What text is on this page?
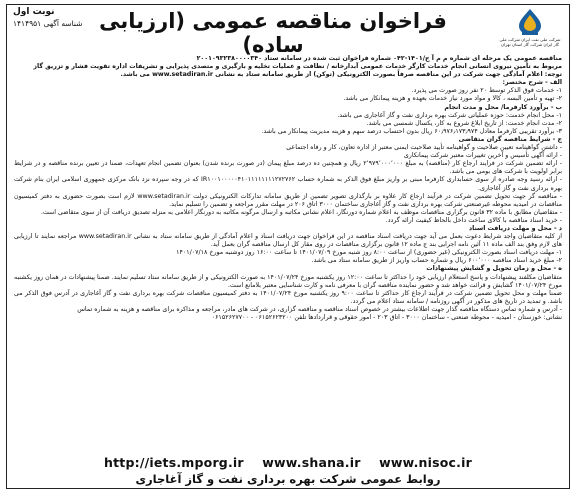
نوبت اول
شناسه آگهی ۱۴۱۴۹۵۱ فراخوان مناقصه عمومی (ارزیابی ساده)	شرکت ملی نفت ایران شرکت ملی گاز ایران شرکت گاز استان تهران

مناقصه عمومی یک مرحله ای شماره م م آ ج/۱۴۰۱-۰۴۲ شماره فراخوان ثبت شده در سامانه ستاد ۲۰۰۱۰۹۳۲۳۸۰۰۰۰۳۴۰

مربوط به تأمین نیروی انسانی انجام خدمات کارگر خدمات عمومی آبدارخانه / نظافت و عملیات تخلیه و بارگیری و متصدی پذیرایی و تشریفات اداره تقویت فشار و تزریق گاز

توجه: اعلام آمادگی جهت شرکت در این مناقصه صرفاً بصورت الکترونیکی (توکن) از طریق سامانه ستاد به نشانی www.setadiran.ir می باشد.

الف - شرح مختصر:

۱- خدمات فوق الذکر توسط ۲۰ نفر روز صورت می پذیرد.

۲- تهیه و تأمین البسه ، کالا و مواد مورد نیاز خدمات بعهده و هزینه پیمانکار می باشد.

ب - برآورد کارفرما/ محل و مدت انجام

۱- محل انجام خدمت: حوزه عملیاتی شرکت بهره برداری نفت و گاز آغاجاری می باشد.

۲- مدت انجام خدمت: از تاریخ ابلاغ شروع به کار، یکسال شمسی می باشد.

۳- برآورد تقریبی کارفرما معادل ۶۰٫۹۷۶٫۱۷۳٫۹۷۴ ریال بدون احتساب درصد سهم و هزینه مدیریت پیمانکار می باشد.

ج - شرایط مناقصه گران متقاضی

- داشتن گواهینامه تعیین صلاحیت و گواهینامه تأیید صلاحیت ایمنی معتبر از اداره تعاون، کار و رفاه اجتماعی

- ارائه آگهی تأسیس و آخرین تغییرات معتبر شرکت پیمانکاری

- ارائه تضمین شرکت در فرایند ارجاع کار (مناقصه) به مبلغ ۲٬۹۷۹٬۰۰۰٬۰۰۰ ریال و همچنین ده درصد مبلغ پیمان (در صورت برنده شدن) بعنوان تضمین انجام تعهدات، ضمنا در تعیین برنده مناقصه و در شرایط برابر اولویت با شرکت های بومی می باشد.

- ارائه رسید وجه صادره از سوی حسابداری کارفرما مبنی بر واریز مبلغ فوق الذکر به شماره حساب IR۱۰۰۱۰۰۰۰۰۴۱۰۱۱۱۱۱۱۱۱۲۷۲۷۶۲ که در وجه سپرده نزد بانک مرکزی جمهوری اسلامی ایران بنام شرکت بهره برداری نفت و گاز آغاجاری.

- مناقصه گر جهت تحویل تضمین شرکت در فرآیند ارجاع کار علاوه بر بارگذاری تصویر تضمین از طریق سامانه تدارکات الکترونیکی دولت www.setadiran.ir لازم است بصورت حضوری به دفتر کمیسیون مناقصات در امیدیه محوطه غیرصنعتی شرکت بهره برداری نفت و گاز آغاجاری ساختمان ۳۰۰۰ اتاق ۲۰۶ در مهلت مقرر مراجعه و تضمین را تسلیم نماید.

- متقاضیان مطابق با ماده ۳۲ قانون برگزاری مناقصات موظف به اعلام شماره دورنگار، اعلام نشانی مکاتبه و ارسال مرگونه مکاتبه به دورنگار اعلامی به منزله تصدیق دریافت آن از سوی متقاضی است.

- خرید اسناد مناقصه با کالای ساخت داخل بالحاظ کیفیت ارائه گردد.

د - محل و مهلت دریافت اسناد

از کلیه متقاضیان واجد شرایط دعوت بعمل می آید جهت دریافت اسناد مناقصه در این فراخوان جهت دریافت اسناد و اعلام آمادگی از طریق سامانه ستاد به نشانی www.setadiran.ir مراجعه نمایند تا ارزیابی های لازم وفق بند الف ماده ۱۱ آئین نامه اجرایی بند ج ماده ۱۲ قانون برگزاری مناقصات در روی مقار کل ارسال مناقصه گران بعمل آید.

۱- مهلت دریافت اسناد بصورت الکترونیکی (غیر حضوری) از ساعت ۸:۰۰ روز شنبه مورخ ۱۴۰۱/۰۷/۰۹ تا ساعت ۱۶:۰۰ روز دوشنبه مورخ ۱۴۰۱/۰۷/۱۸

۲- مبلغ خرید اسناد مناقصه ۶۰۰٬۰۰۰ ریال و شماره حساب واریز از طریق سامانه ستاد می باشد.

ه - محل و زمان تحویل و گشایش پیشنهادات

متقاضیان مکلفند پیشنهادات و پاسخ استعلام ارزیابی خود را حداکثر تا ساعت ۱۲:۰۰ روز یکشنبه مورخ ۱۴۰۱/۰۷/۲۴ به صورت الکترونیکی و از طریق سامانه ستاد تسلیم نمایند. ضمنا پیشنهادات در همان روز یکشنبه مورخ ۱۴۰۱/۰۷/۲۴ گشایش و قرائت خواهد شد و حضور نماینده مناقصه گران با معرفی نامه و کارت شناسایی معتبر بلامانع است.

ضمنا مهلت و محل تحویل تضمین شرکت در فرآیند ارجاع کار حداکثر تا ساعت ۹:۰۰ روز یکشنبه مورخ ۱۴۰۱/۰۷/۲۴ به دفتر کمیسیون مناقصات شرکت بهره برداری نفت و گاز آغاجاری در آدرس فوق الذکر می باشد. و تمدید در تاریخ های مذکور در آگهی روزنامه / سامانه ستاد اعلام می گردد.

- آدرس و شماره تماس دستگاه مناقصه گذار جهت اطلاعات بیشتر در خصوص اسناد مناقصه و مناقصه گزاری، در شرکت های مادر، مراجعه و مذاکره برای مناقصه و هزینه به شماره تماس

نشانی: خوزستان - امیدیه - محوطه صنعتی - ساختمان ۳۰۰۰ - اتاق ۲۰۳ - امور حقوقی و قراردادها تلفن ۰۶۱۵۲۶۲۳۲۰۰ - ۰۶۱۵۲۶۲۷۷۰۰

http://iets.mporg.ir www.shana.ir www.nisoc.ir
روابط عمومی شرکت بهره برداری نفت و گاز آغاجاری
